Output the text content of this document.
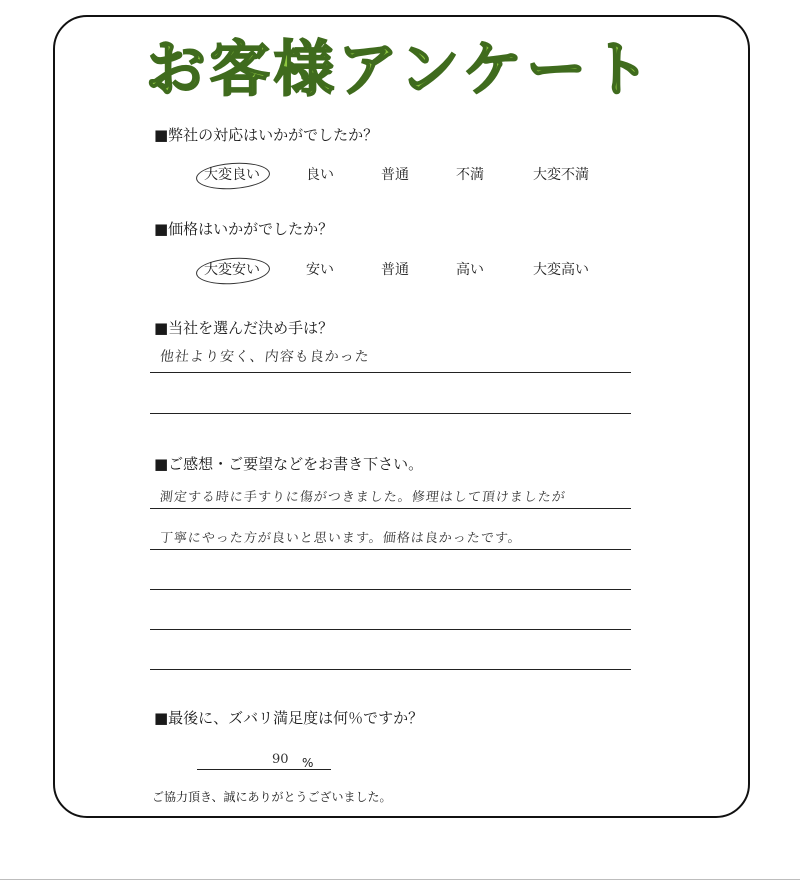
お客様アンケート
■弊社の対応はいかがでしたか？
大変良い	良い	普通	不満	大変不満
■価格はいかがでしたか？
大変安い	安い	普通	高い	大変高い
■当社を選んだ決め手は？
他社より安く、内容も良かった
■ご感想・ご要望などをお書き下さい。
測定する時に手すりに傷がつきました。修理はして頂けましたが
丁寧にやった方が良いと思います。価格は良かったです。
■最後に、ズバリ満足度は何％ですか？
90 %
ご協力頂き、誠にありがとうございました。
